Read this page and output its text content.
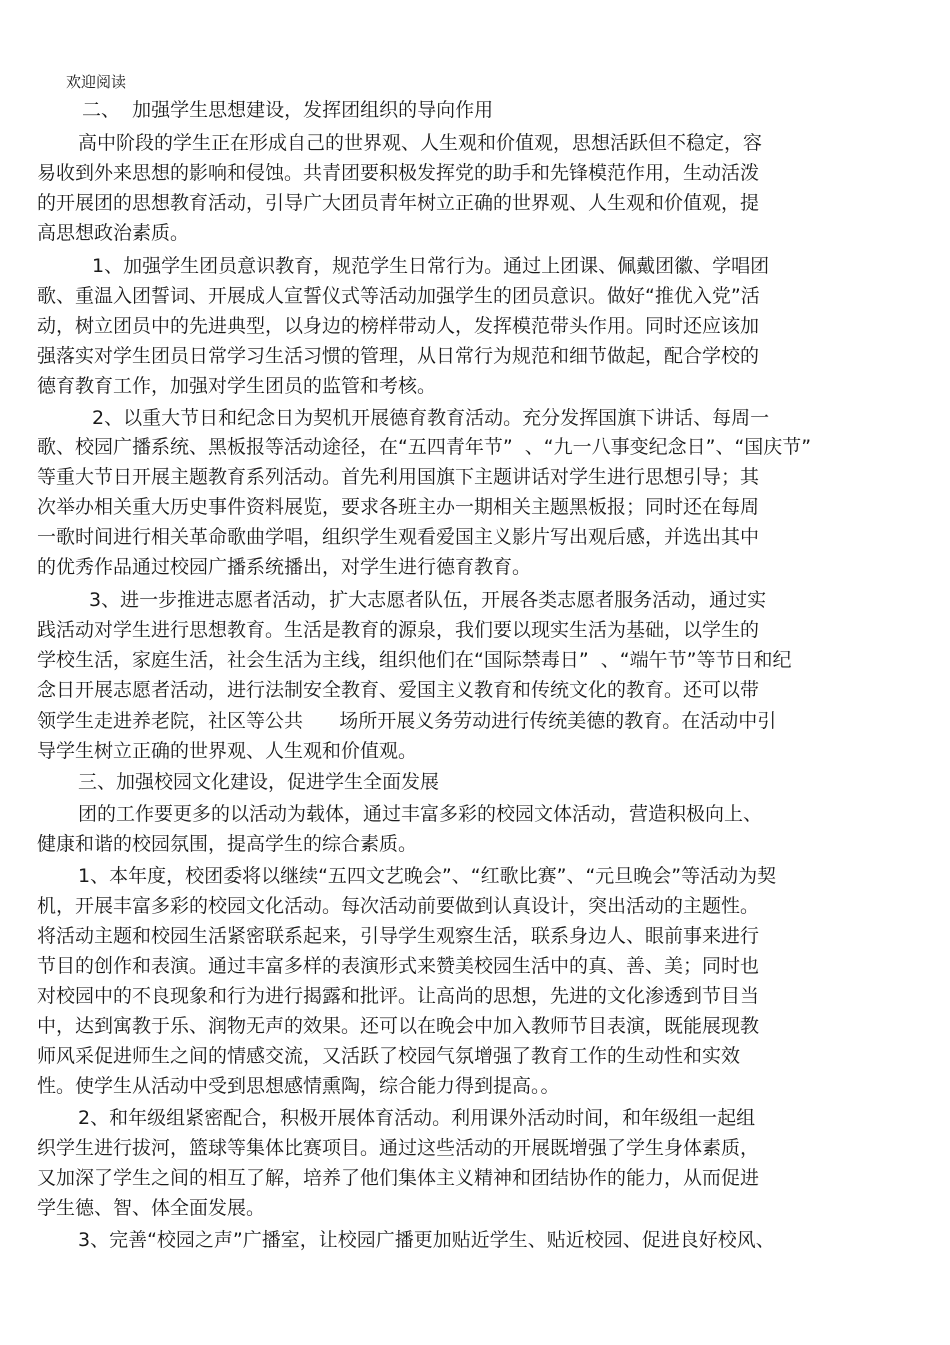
欢迎阅读
二、  加强学生思想建设，发挥团组织的导向作用
高中阶段的学生正在形成自己的世界观、人生观和价值观，思想活跃但不稳定，容
易收到外来思想的影响和侵蚀。共青团要积极发挥党的助手和先锋模范作用，生动活泼
的开展团的思想教育活动，引导广大团员青年树立正确的世界观、人生观和价值观，提
高思想政治素质。
1、加强学生团员意识教育，规范学生日常行为。通过上团课、佩戴团徽、学唱团
歌、重温入团誓词、开展成人宣誓仪式等活动加强学生的团员意识。做好“推优入党”活
动，树立团员中的先进典型，以身边的榜样带动人，发挥模范带头作用。同时还应该加
强落实对学生团员日常学习生活习惯的管理，从日常行为规范和细节做起，配合学校的
德育教育工作，加强对学生团员的监管和考核。
2、以重大节日和纪念日为契机开展德育教育活动。充分发挥国旗下讲话、每周一
歌、校园广播系统、黑板报等活动途径，在“五四青年节”  、“九一八事变纪念日”、“国庆节”
等重大节日开展主题教育系列活动。首先利用国旗下主题讲话对学生进行思想引导；其
次举办相关重大历史事件资料展览，要求各班主办一期相关主题黑板报；同时还在每周
一歌时间进行相关革命歌曲学唱，组织学生观看爱国主义影片写出观后感，并选出其中
的优秀作品通过校园广播系统播出，对学生进行德育教育。
3、进一步推进志愿者活动，扩大志愿者队伍，开展各类志愿者服务活动，通过实
践活动对学生进行思想教育。生活是教育的源泉，我们要以现实生活为基础，以学生的
学校生活，家庭生活，社会生活为主线，组织他们在“国际禁毒日”  、“端午节”等节日和纪
念日开展志愿者活动，进行法制安全教育、爱国主义教育和传统文化的教育。还可以带
领学生走进养老院，社区等公共      场所开展义务劳动进行传统美德的教育。在活动中引
导学生树立正确的世界观、人生观和价值观。
三、加强校园文化建设，促进学生全面发展
团的工作要更多的以活动为载体，通过丰富多彩的校园文体活动，营造积极向上、
健康和谐的校园氛围，提高学生的综合素质。
1、本年度，校团委将以继续“五四文艺晚会”、“红歌比赛”、“元旦晚会”等活动为契
机，开展丰富多彩的校园文化活动。每次活动前要做到认真设计，突出活动的主题性。
将活动主题和校园生活紧密联系起来，引导学生观察生活，联系身边人、眼前事来进行
节目的创作和表演。通过丰富多样的表演形式来赞美校园生活中的真、善、美；同时也
对校园中的不良现象和行为进行揭露和批评。让高尚的思想，先进的文化渗透到节目当
中，达到寓教于乐、润物无声的效果。还可以在晚会中加入教师节目表演，既能展现教
师风采促进师生之间的情感交流，又活跃了校园气氛增强了教育工作的生动性和实效
性。使学生从活动中受到思想感情熏陶，综合能力得到提高。。
2、和年级组紧密配合，积极开展体育活动。利用课外活动时间，和年级组一起组
织学生进行拔河，篮球等集体比赛项目。通过这些活动的开展既增强了学生身体素质，
又加深了学生之间的相互了解，培养了他们集体主义精神和团结协作的能力，从而促进
学生德、智、体全面发展。
3、完善“校园之声”广播室，让校园广播更加贴近学生、贴近校园、促进良好校风、
